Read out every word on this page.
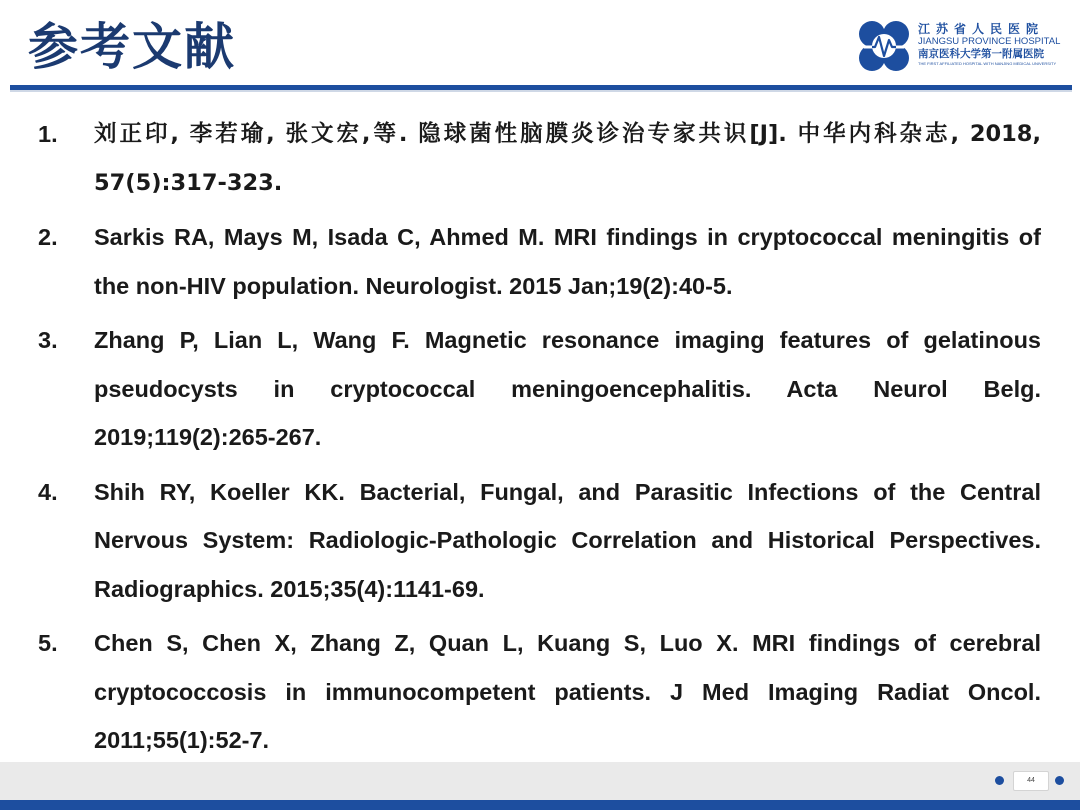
参考文献	江苏省人民医院
JIANGSU PROVINCE HOSPITAL
南京医科大学第一附属医院
THE FIRST AFFILIATED HOSPITAL WITH NANJING MEDICAL UNIVERSITY
1.	刘正印, 李若瑜, 张文宏,等. 隐球菌性脑膜炎诊治专家共识[J]. 中华内科杂志, 2018, 57(5):317-323.
2.	Sarkis RA, Mays M, Isada C, Ahmed M. MRI findings in cryptococcal meningitis of the non-HIV population. Neurologist. 2015 Jan;19(2):40-5.
3.	Zhang P, Lian L, Wang F. Magnetic resonance imaging features of gelatinous pseudocysts in cryptococcal meningoencephalitis. Acta Neurol Belg. 2019;119(2):265-267.
4.	Shih RY, Koeller KK. Bacterial, Fungal, and Parasitic Infections of the Central Nervous System: Radiologic-Pathologic Correlation and Historical Perspectives. Radiographics. 2015;35(4):1141-69.
5.	Chen S, Chen X, Zhang Z, Quan L, Kuang S, Luo X. MRI findings of cerebral cryptococcosis in immunocompetent patients. J Med Imaging Radiat Oncol. 2011;55(1):52-7.
44
